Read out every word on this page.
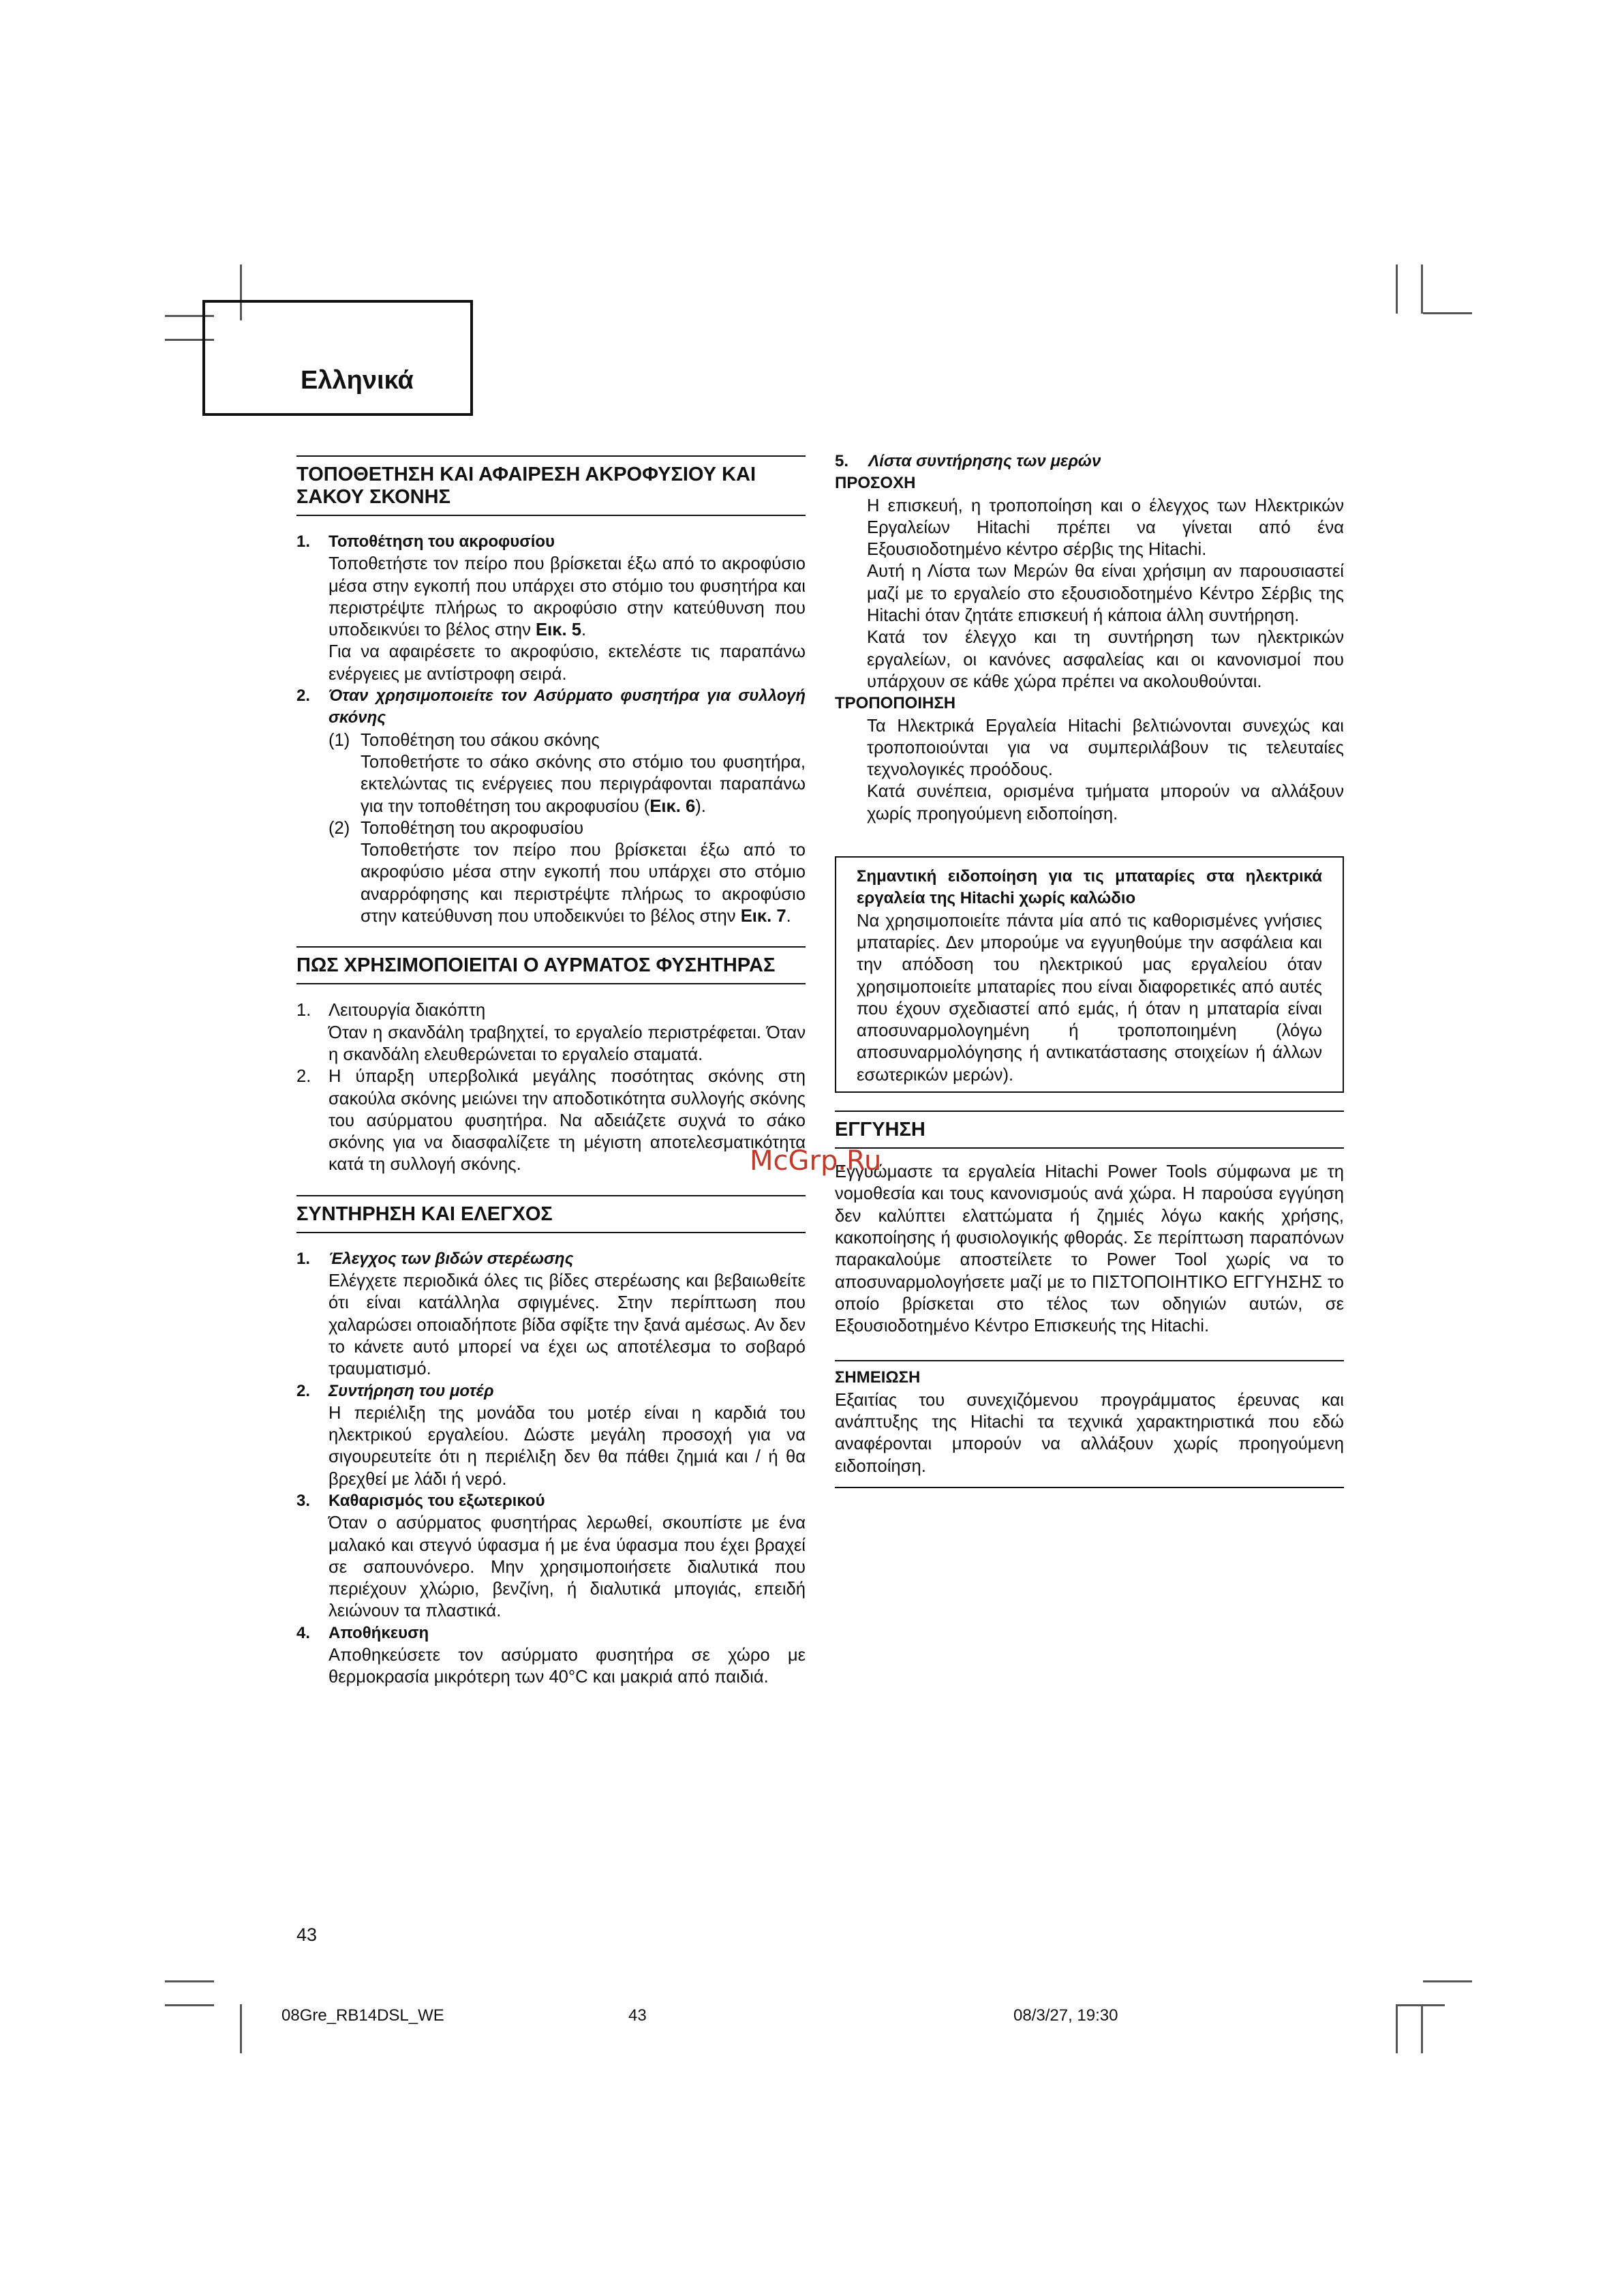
Ελληνικά
ΤΟΠΟΘΕΤΗΣΗ ΚΑΙ ΑΦΑΙΡΕΣΗ ΑΚΡΟΦΥΣΙΟΥ ΚΑΙ ΣΑΚΟΥ ΣΚΟΝΗΣ
1. Τοποθέτηση του ακροφυσίου

Τοποθετήστε τον πείρο που βρίσκεται έξω από το ακροφύσιο μέσα στην εγκοπή που υπάρχει στο στόμιο του φυσητήρα και περιστρέψτε πλήρως το ακροφύσιο στην κατεύθυνση που υποδεικνύει το βέλος στην Εικ. 5.

Για να αφαιρέσετε το ακροφύσιο, εκτελέστε τις παραπάνω ενέργειες με αντίστροφη σειρά.

2. Όταν χρησιμοποιείτε τον Ασύρματο φυσητήρα για συλλογή σκόνης
(1) Τοποθέτηση του σάκου σκόνης

Τοποθετήστε το σάκο σκόνης στο στόμιο του φυσητήρα, εκτελώντας τις ενέργειες που περιγράφονται παραπάνω για την τοποθέτηση του ακροφυσίου (Εικ. 6).

(2) Τοποθέτηση του ακροφυσίου

Τοποθετήστε τον πείρο που βρίσκεται έξω από το ακροφύσιο μέσα στην εγκοπή που υπάρχει στο στόμιο αναρρόφησης και περιστρέψτε πλήρως το ακροφύσιο στην κατεύθυνση που υποδεικνύει το βέλος στην Εικ. 7.

ΠΩΣ ΧΡΗΣΙΜΟΠΟΙΕΙΤΑΙ Ο ΑΥΡΜΑΤΟΣ ΦΥΣΗΤΗΡΑΣ
1. Λειτουργία διακόπτη

Όταν η σκανδάλη τραβηχτεί, το εργαλείο περιστρέφεται. Όταν η σκανδάλη ελευθερώνεται το εργαλείο σταματά.

2. Η ύπαρξη υπερβολικά μεγάλης ποσότητας σκόνης στη σακούλα σκόνης μειώνει την αποδοτικότητα συλλογής σκόνης του ασύρματου φυσητήρα. Να αδειάζετε συχνά το σάκο σκόνης για να διασφαλίζετε τη μέγιστη αποτελεσματικότητα κατά τη συλλογή σκόνης.

ΣΥΝΤΗΡΗΣΗ ΚΑΙ ΕΛΕΓΧΟΣ
1. Έλεγχος των βιδών στερέωσης

Ελέγχετε περιοδικά όλες τις βίδες στερέωσης και βεβαιωθείτε ότι είναι κατάλληλα σφιγμένες. Στην περίπτωση που χαλαρώσει οποιαδήποτε βίδα σφίξτε την ξανά αμέσως. Αν δεν το κάνετε αυτό μπορεί να έχει ως αποτέλεσμα το σοβαρό τραυματισμό.

2. Συντήρηση του μοτέρ

Η περιέλιξη της μονάδα του μοτέρ είναι η καρδιά του ηλεκτρικού εργαλείου. Δώστε μεγάλη προσοχή για να σιγουρευτείτε ότι η περιέλιξη δεν θα πάθει ζημιά και / ή θα βρεχθεί με λάδι ή νερό.

3. Καθαρισμός του εξωτερικού

Όταν ο ασύρματος φυσητήρας λερωθεί, σκουπίστε με ένα μαλακό και στεγνό ύφασμα ή με ένα ύφασμα που έχει βραχεί σε σαπουνόνερο. Μην χρησιμοποιήσετε διαλυτικά που περιέχουν χλώριο, βενζίνη, ή διαλυτικά μπογιάς, επειδή λειώνουν τα πλαστικά.

4. Αποθήκευση

Αποθηκεύσετε τον ασύρματο φυσητήρα σε χώρο με θερμοκρασία μικρότερη των 40°C και μακριά από παιδιά.

5. Λίστα συντήρησης των μερών
ΠΡΟΣΟΧΗ

Η επισκευή, η τροποποίηση και ο έλεγχος των Ηλεκτρικών Εργαλείων Hitachi πρέπει να γίνεται από ένα Εξουσιοδοτημένο κέντρο σέρβις της Hitachi.

Αυτή η Λίστα των Μερών θα είναι χρήσιμη αν παρουσιαστεί μαζί με το εργαλείο στο εξουσιοδοτημένο Κέντρο Σέρβις της Hitachi όταν ζητάτε επισκευή ή κάποια άλλη συντήρηση.

Κατά τον έλεγχο και τη συντήρηση των ηλεκτρικών εργαλείων, οι κανόνες ασφαλείας και οι κανονισμοί που υπάρχουν σε κάθε χώρα πρέπει να ακολουθούνται.

ΤΡΟΠΟΠΟΙΗΣΗ

Τα Ηλεκτρικά Εργαλεία Hitachi βελτιώνονται συνεχώς και τροποποιούνται για να συμπεριλάβουν τις τελευταίες τεχνολογικές προόδους.

Κατά συνέπεια, ορισμένα τμήματα μπορούν να αλλάξουν χωρίς προηγούμενη ειδοποίηση.

Σημαντική ειδοποίηση για τις μπαταρίες στα ηλεκτρικά εργαλεία της Hitachi χωρίς καλώδιο

Να χρησιμοποιείτε πάντα μία από τις καθορισμένες γνήσιες μπαταρίες. Δεν μπορούμε να εγγυηθούμε την ασφάλεια και την απόδοση του ηλεκτρικού μας εργαλείου όταν χρησιμοποιείτε μπαταρίες που είναι διαφορετικές από αυτές που έχουν σχεδιαστεί από εμάς, ή όταν η μπαταρία είναι αποσυναρμολογημένη ή τροποποιημένη (λόγω αποσυναρμολόγησης ή αντικατάστασης στοιχείων ή άλλων εσωτερικών μερών).

ΕΓΓΥΗΣΗ

Εγγυώμαστε τα εργαλεία Hitachi Power Tools σύμφωνα με τη νομοθεσία και τους κανονισμούς ανά χώρα. Η παρούσα εγγύηση δεν καλύπτει ελαττώματα ή ζημιές λόγω κακής χρήσης, κακοποίησης ή φυσιολογικής φθοράς. Σε περίπτωση παραπόνων παρακαλούμε αποστείλετε το Power Tool χωρίς να το αποσυναρμολογήσετε μαζί με το ΠΙΣΤΟΠΟΙΗΤΙΚΟ ΕΓΓΥΗΣΗΣ το οποίο βρίσκεται στο τέλος των οδηγιών αυτών, σε Εξουσιοδοτημένο Κέντρο Επισκευής της Hitachi.

ΣΗΜΕΙΩΣΗ

Εξαιτίας του συνεχιζόμενου προγράμματος έρευνας και ανάπτυξης της Hitachi τα τεχνικά χαρακτηριστικά που εδώ αναφέρονται μπορούν να αλλάξουν χωρίς προηγούμενη ειδοποίηση.

McGrp.Ru
43
08Gre_RB14DSL_WE	43	08/3/27, 19:30
